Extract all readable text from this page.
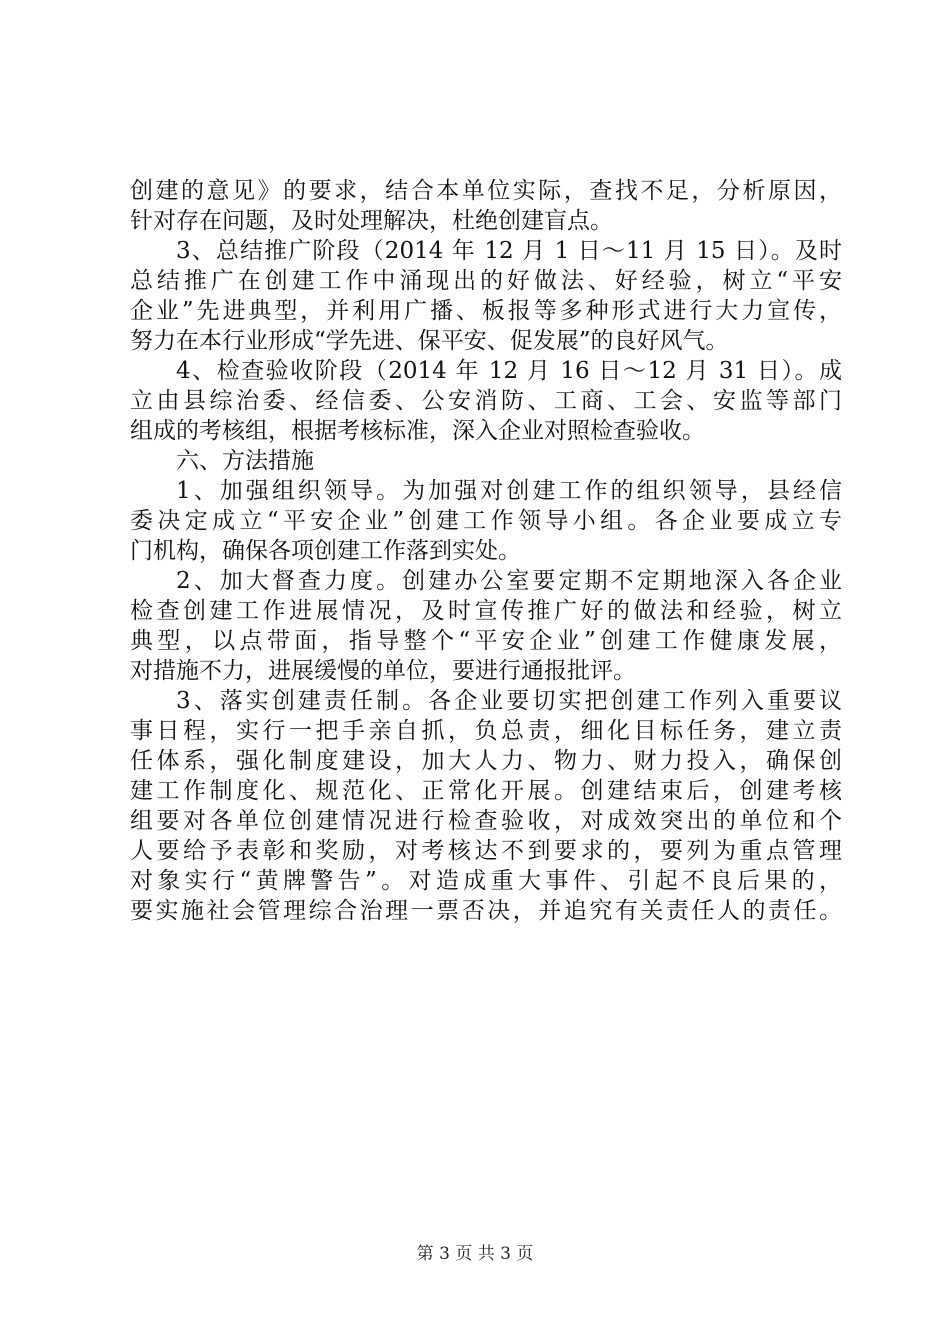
创建的意见》的要求，结合本单位实际，查找不足，分析原因，
针对存在问题，及时处理解决，杜绝创建盲点。
3、总结推广阶段（2014 年 12 月 1 日～11 月 15 日）。及时
总结推广在创建工作中涌现出的好做法、好经验，树立“平安
企业”先进典型，并利用广播、板报等多种形式进行大力宣传，
努力在本行业形成“学先进、保平安、促发展”的良好风气。
4、检查验收阶段（2014 年 12 月 16 日～12 月 31 日）。成
立由县综治委、经信委、公安消防、工商、工会、安监等部门
组成的考核组，根据考核标准，深入企业对照检查验收。
六、方法措施
1、加强组织领导。为加强对创建工作的组织领导，县经信
委决定成立“平安企业”创建工作领导小组。各企业要成立专
门机构，确保各项创建工作落到实处。
2、加大督查力度。创建办公室要定期不定期地深入各企业
检查创建工作进展情况，及时宣传推广好的做法和经验，树立
典型，以点带面，指导整个“平安企业”创建工作健康发展，
对措施不力，进展缓慢的单位，要进行通报批评。
3、落实创建责任制。各企业要切实把创建工作列入重要议
事日程，实行一把手亲自抓，负总责，细化目标任务，建立责
任体系，强化制度建设，加大人力、物力、财力投入，确保创
建工作制度化、规范化、正常化开展。创建结束后，创建考核
组要对各单位创建情况进行检查验收，对成效突出的单位和个
人要给予表彰和奖励，对考核达不到要求的，要列为重点管理
对象实行“黄牌警告”。对造成重大事件、引起不良后果的，
要实施社会管理综合治理一票否决，并追究有关责任人的责任。
第 3 页 共 3 页
